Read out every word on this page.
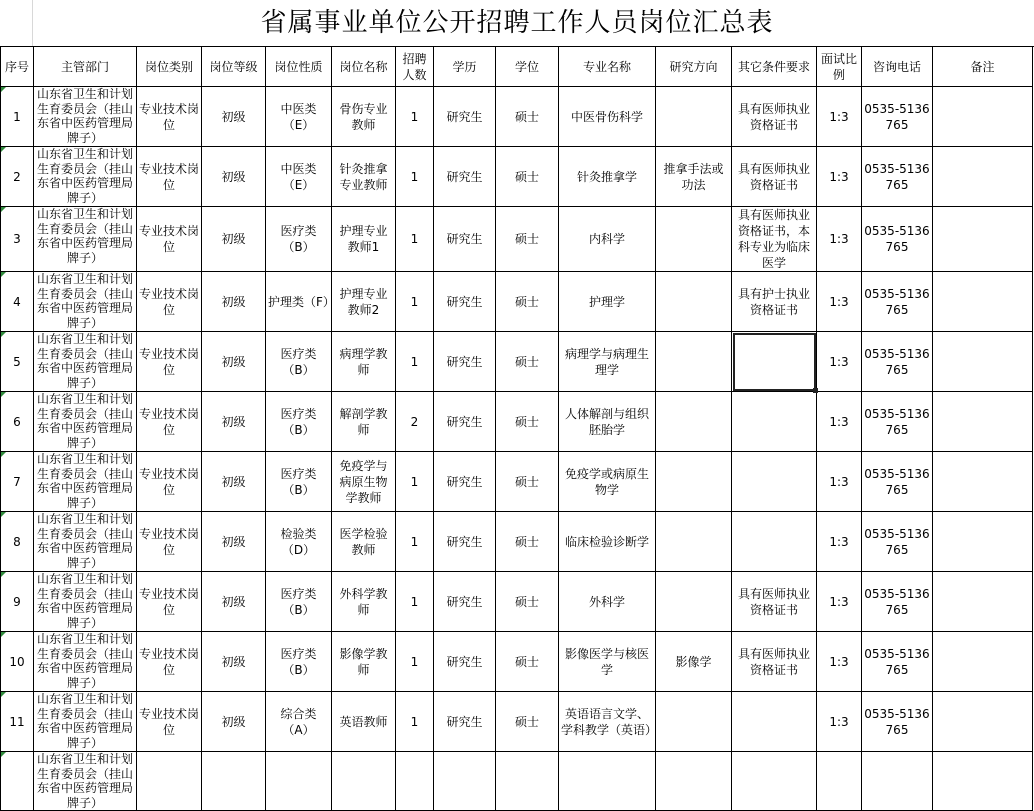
省属事业单位公开招聘工作人员岗位汇总表
序号	主管部门	岗位类别	岗位等级	岗位性质	岗位名称	招聘人数	学历	学位	专业名称	研究方向	其它条件要求	面试比例	咨询电话	备注
1	山东省卫生和计划生育委员会（挂山东省中医药管理局牌子）	专业技术岗位	初级	中医类（E）	骨伤专业教师	1	研究生	硕士	中医骨伤科学		具有医师执业资格证书	1:3	0535-5136765	
2	山东省卫生和计划生育委员会（挂山东省中医药管理局牌子）	专业技术岗位	初级	中医类（E）	针灸推拿专业教师	1	研究生	硕士	针灸推拿学	推拿手法或功法	具有医师执业资格证书	1:3	0535-5136765	
3	山东省卫生和计划生育委员会（挂山东省中医药管理局牌子）	专业技术岗位	初级	医疗类（B）	护理专业教师1	1	研究生	硕士	内科学		具有医师执业资格证书，本科专业为临床医学	1:3	0535-5136765	
4	山东省卫生和计划生育委员会（挂山东省中医药管理局牌子）	专业技术岗位	初级	护理类（F）	护理专业教师2	1	研究生	硕士	护理学		具有护士执业资格证书	1:3	0535-5136765	
5	山东省卫生和计划生育委员会（挂山东省中医药管理局牌子）	专业技术岗位	初级	医疗类（B）	病理学教师	1	研究生	硕士	病理学与病理生理学			1:3	0535-5136765	
6	山东省卫生和计划生育委员会（挂山东省中医药管理局牌子）	专业技术岗位	初级	医疗类（B）	解剖学教师	2	研究生	硕士	人体解剖与组织胚胎学			1:3	0535-5136765	
7	山东省卫生和计划生育委员会（挂山东省中医药管理局牌子）	专业技术岗位	初级	医疗类（B）	免疫学与病原生物学教师	1	研究生	硕士	免疫学或病原生物学			1:3	0535-5136765	
8	山东省卫生和计划生育委员会（挂山东省中医药管理局牌子）	专业技术岗位	初级	检验类（D）	医学检验教师	1	研究生	硕士	临床检验诊断学			1:3	0535-5136765	
9	山东省卫生和计划生育委员会（挂山东省中医药管理局牌子）	专业技术岗位	初级	医疗类（B）	外科学教师	1	研究生	硕士	外科学		具有医师执业资格证书	1:3	0535-5136765	
10	山东省卫生和计划生育委员会（挂山东省中医药管理局牌子）	专业技术岗位	初级	医疗类（B）	影像学教师	1	研究生	硕士	影像医学与核医学	影像学	具有医师执业资格证书	1:3	0535-5136765	
11	山东省卫生和计划生育委员会（挂山东省中医药管理局牌子）	专业技术岗位	初级	综合类（A）	英语教师	1	研究生	硕士	英语语言文学、学科教学（英语）			1:3	0535-5136765	

	山东省卫生和计划生育委员会（挂山东省中医药管理局牌子）													
